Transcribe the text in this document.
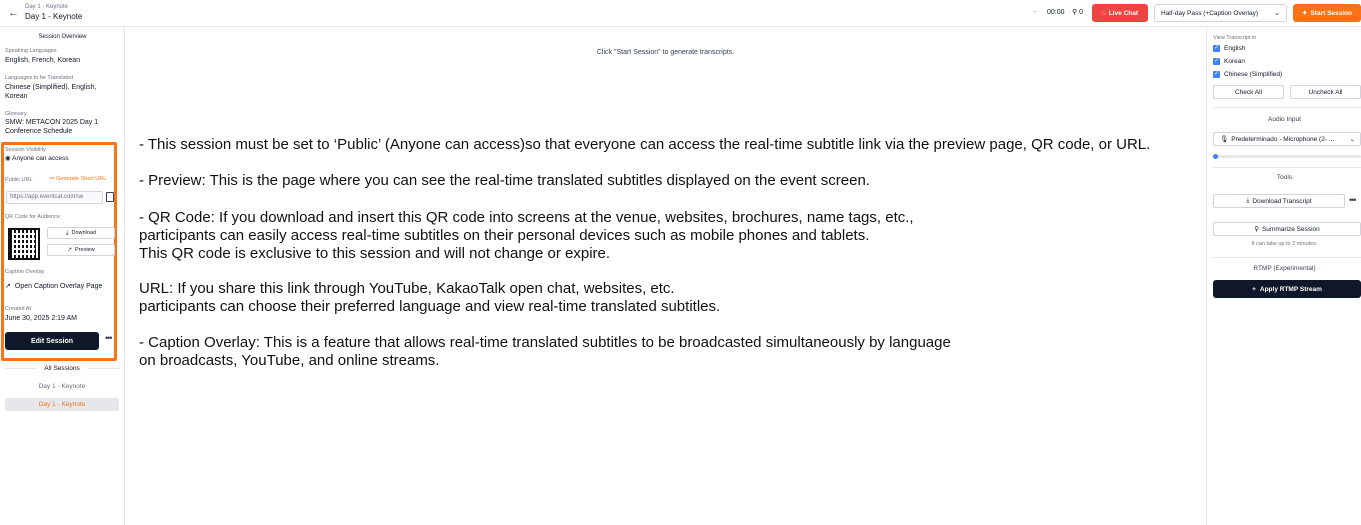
← Day 1 - Keynote
Day 1 - Keynote	- 00:00 ⚲ 0	◌ Live Chat	Half-day Pass (+Caption Overlay) ⌄	✦ Start Session
Session Overview
Speaking Languages
English, French, Korean
Languages to be Translated
Chinese (Simplified), English, Korean
Glossary
SMW: METACON 2025 Day 1 Conference Schedule
Session Visibility
◉ Anyone can access
Public URL	⚯ Generate Short URL
https://app.eventcat.com/se
QR Code for Audience
⤓ Download
↗ Preview
Caption Overlay
↗ Open Caption Overlay Page
Created At
June 30, 2025 2:19 AM
Edit Session	•••
All Sessions
Day 1 - Keynote
Day 1 - Keynote
Click "Start Session" to generate transcripts.
- This session must be set to ‘Public’ (Anyone can access)so that everyone can access the real-time subtitle link via the preview page, QR code, or URL.
- Preview: This is the page where you can see the real-time translated subtitles displayed on the event screen.
- QR Code: If you download and insert this QR code into screens at the venue, websites, brochures, name tags, etc.,
participants can easily access real-time subtitles on their personal devices such as mobile phones and tablets.
This QR code is exclusive to this session and will not change or expire.
URL: If you share this link through YouTube, KakaoTalk open chat, websites, etc.
participants can choose their preferred language and view real-time translated subtitles.
- Caption Overlay: This is a feature that allows real-time translated subtitles to be broadcasted simultaneously by language
on broadcasts, YouTube, and online streams.
View Transcript in
✓ English
✓ Korean
✓ Chinese (Simplified)
Check All	Uncheck All
Audio Input
🎙 Predeterminado - Microphone (2- ... ⌄
Tools
⤓ Download Transcript	•••
⚲ Summarize Session
It can take up to 2 minutes.
RTMP (Experimental)
+ Apply RTMP Stream
